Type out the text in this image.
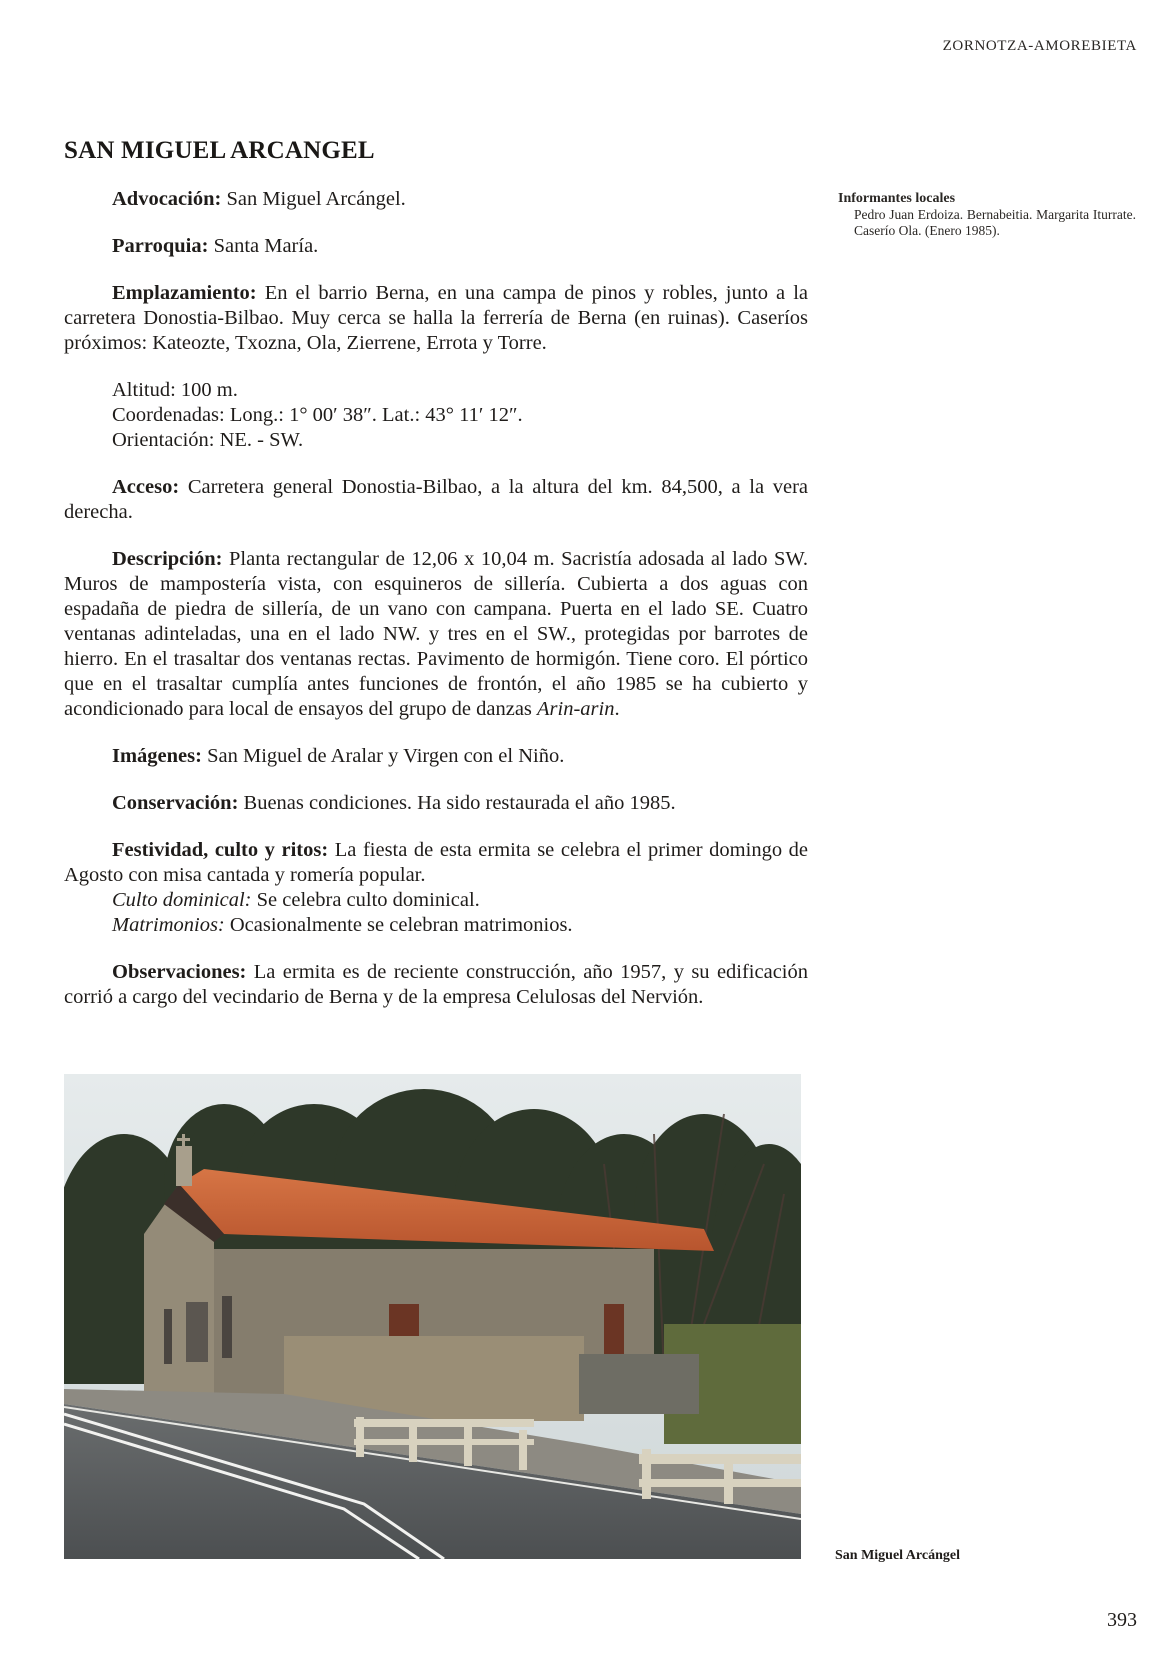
ZORNOTZA-AMOREBIETA
SAN MIGUEL ARCANGEL

Advocación: San Miguel Arcángel.

Parroquia: Santa María.

Emplazamiento: En el barrio Berna, en una campa de pinos y robles, junto a la carretera Donostia-Bilbao. Muy cerca se halla la ferrería de Berna (en ruinas). Caseríos próximos: Kateozte, Txozna, Ola, Zierrene, Errota y Torre.

Altitud: 100 m.
Coordenadas: Long.: 1° 00′ 38″. Lat.: 43° 11′ 12″.
Orientación: NE. - SW.

Acceso: Carretera general Donostia-Bilbao, a la altura del km. 84,500, a la vera derecha.

Descripción: Planta rectangular de 12,06 x 10,04 m. Sacristía adosada al lado SW. Muros de mampostería vista, con esquineros de sillería. Cubierta a dos aguas con espadaña de piedra de sillería, de un vano con campana. Puerta en el lado SE. Cuatro ventanas adinteladas, una en el lado NW. y tres en el SW., protegidas por barrotes de hierro. En el trasaltar dos ventanas rectas. Pavimento de hormigón. Tiene coro. El pórtico que en el trasaltar cumplía antes funciones de frontón, el año 1985 se ha cubierto y acondicionado para local de ensayos del grupo de danzas Arin-arin.

Imágenes: San Miguel de Aralar y Virgen con el Niño.

Conservación: Buenas condiciones. Ha sido restaurada el año 1985.

Festividad, culto y ritos: La fiesta de esta ermita se celebra el primer domingo de Agosto con misa cantada y romería popular.

Culto dominical: Se celebra culto dominical.
Matrimonios: Ocasionalmente se celebran matrimonios.

Observaciones: La ermita es de reciente construcción, año 1957, y su edificación corrió a cargo del vecindario de Berna y de la empresa Celulosas del Nervión.

Informantes locales
Pedro Juan Erdoiza. Bernabeitia. Margarita Iturrate. Caserío Ola. (Enero 1985).
San Miguel Arcángel
393
